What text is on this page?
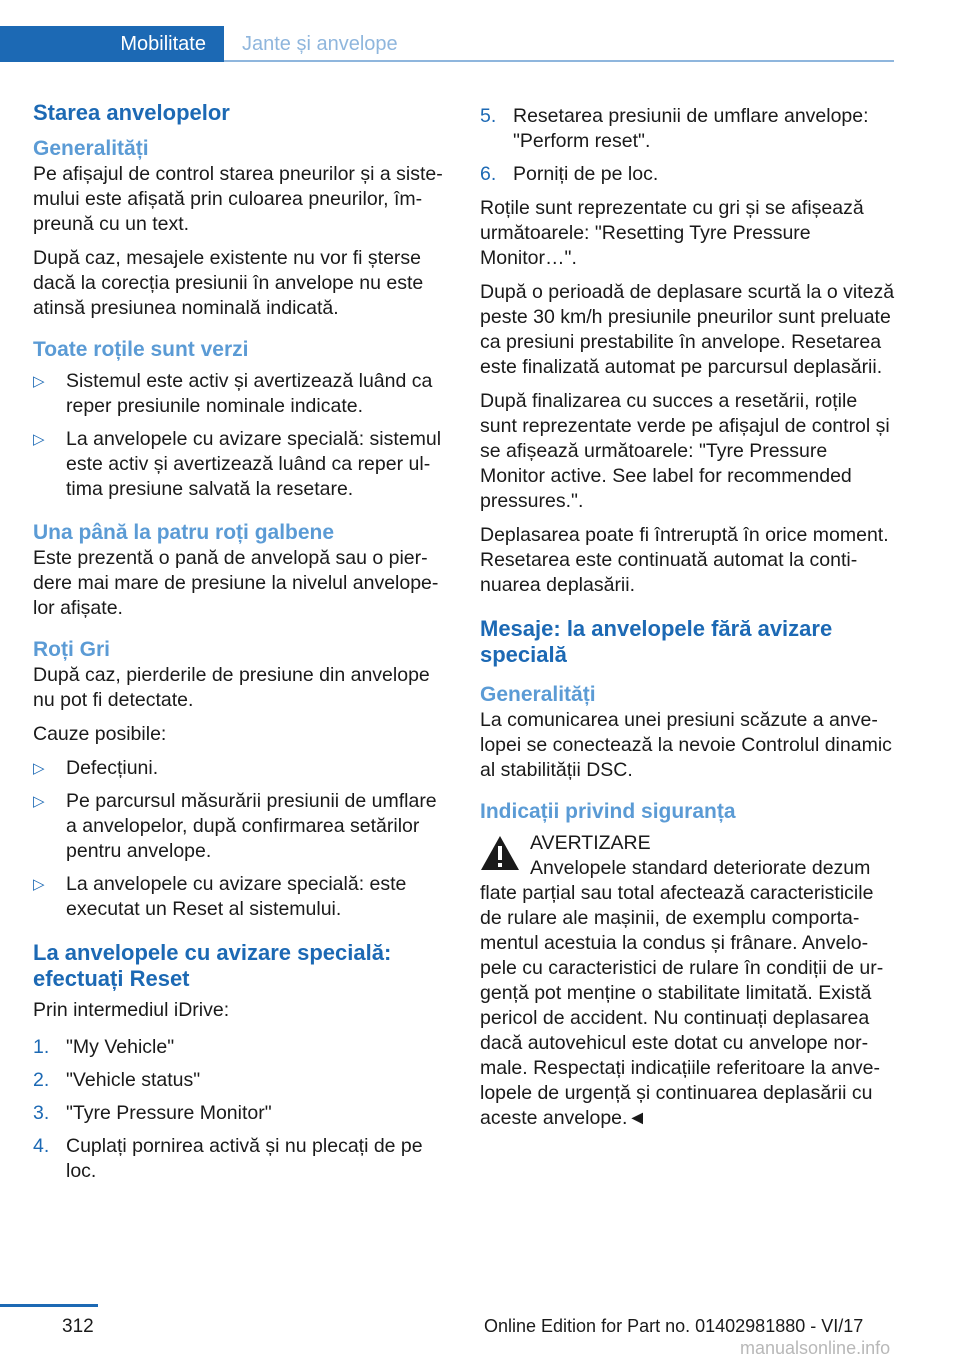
Mobilitate	Jante și anvelope
Starea anvelopelor
Generalități

Pe afișajul de control starea pneurilor și a sistemului este afișată prin culoarea pneurilor, împreună cu un text.

După caz, mesajele existente nu vor fi șterse dacă la corecția presiunii în anvelope nu este atinsă presiunea nominală indicată.

Toate roțile sunt verzi
▷ Sistemul este activ și avertizează luând ca reper presiunile nominale indicate.
▷ La anvelopele cu avizare specială: sistemul este activ și avertizează luând ca reper ultima presiune salvată la resetare.
Una până la patru roți galbene

Este prezentă o pană de anvelopă sau o pierdere mai mare de presiune la nivelul anvelopelor afișate.

Roți Gri

După caz, pierderile de presiune din anvelope nu pot fi detectate.

Cauze posibile:

▷ Defecțiuni.
▷ Pe parcursul măsurării presiunii de umflare a anvelopelor, după confirmarea setărilor pentru anvelope.
▷ La anvelopele cu avizare specială: este executat un Reset al sistemului.
La anvelopele cu avizare specială: efectuați Reset

Prin intermediul iDrive:

1. "My Vehicle"
2. "Vehicle status"
3. "Tyre Pressure Monitor"
4. Cuplați pornirea activă și nu plecați de pe loc.
5. Resetarea presiunii de umflare anvelope: "Perform reset".
6. Porniți de pe loc.

Roțile sunt reprezentate cu gri și se afișează următoarele: "Resetting Tyre Pressure Monitor…".

După o perioadă de deplasare scurtă la o viteză peste 30 km/h presiunile pneurilor sunt preluate ca presiuni prestabilite în anvelope. Resetarea este finalizată automat pe parcursul deplasării.

După finalizarea cu succes a resetării, roțile sunt reprezentate verde pe afișajul de control și se afișează următoarele: "Tyre Pressure Monitor active. See label for recommended pressures.".

Deplasarea poate fi întreruptă în orice moment. Resetarea este continuată automat la continuarea deplasării.

Mesaje: la anvelopele fără avizare specială
Generalități

La comunicarea unei presiuni scăzute a anvelopei se conectează la nevoie Controlul dinamic al stabilității DSC.

Indicații privind siguranța
AVERTIZARE
Anvelopele standard deteriorate dezum
flate parțial sau total afectează caracteristicile de rulare ale mașinii, de exemplu comportamentul acestuia la condus și frânare. Anvelopele cu caracteristici de rulare în condiții de urgență pot menține o stabilitate limitată. Există pericol de accident. Nu continuați deplasarea dacă autovehicul este dotat cu anvelope normale. Respectați indicațiile referitoare la anvelopele de urgență și continuarea deplasării cu aceste anvelope.◄
312	Online Edition for Part no. 01402981880 - VI/17
manualsonline.info
